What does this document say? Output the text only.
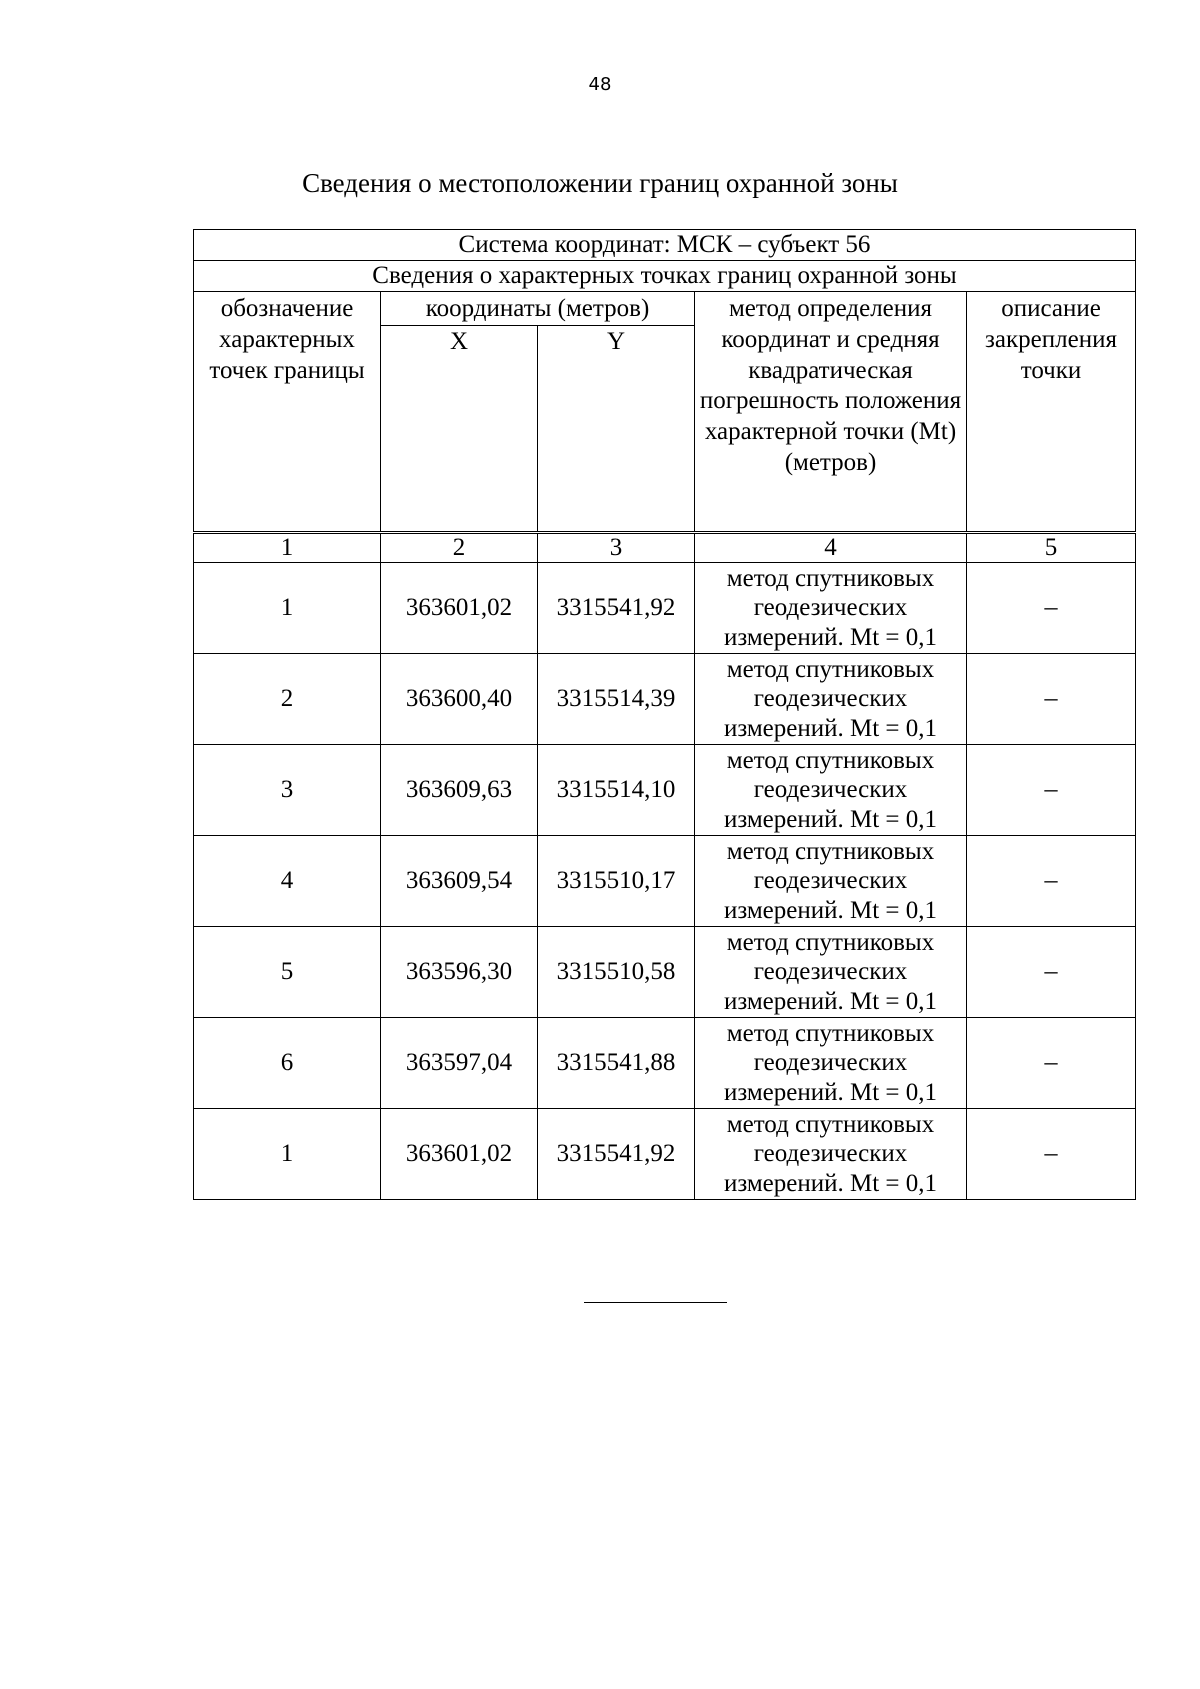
48
Сведения о местоположении границ охранной зоны
Система координат: МСК – субъект 56				
Сведения о характерных точках границ охранной зоны				
обозначение характерных точек границы	координаты (метров)		метод определения координат и средняя квадратическая погрешность положения характерной точки (Mt) (метров)	описание закрепления точки
	X	Y		
1	2	3	4	5
1	363601,02	3315541,92	метод спутниковых геодезических измерений. Mt = 0,1	–
2	363600,40	3315514,39	метод спутниковых геодезических измерений. Mt = 0,1	–
3	363609,63	3315514,10	метод спутниковых геодезических измерений. Mt = 0,1	–
4	363609,54	3315510,17	метод спутниковых геодезических измерений. Mt = 0,1	–
5	363596,30	3315510,58	метод спутниковых геодезических измерений. Mt = 0,1	–
6	363597,04	3315541,88	метод спутниковых геодезических измерений. Mt = 0,1	–
1	363601,02	3315541,92	метод спутниковых геодезических измерений. Mt = 0,1	–
